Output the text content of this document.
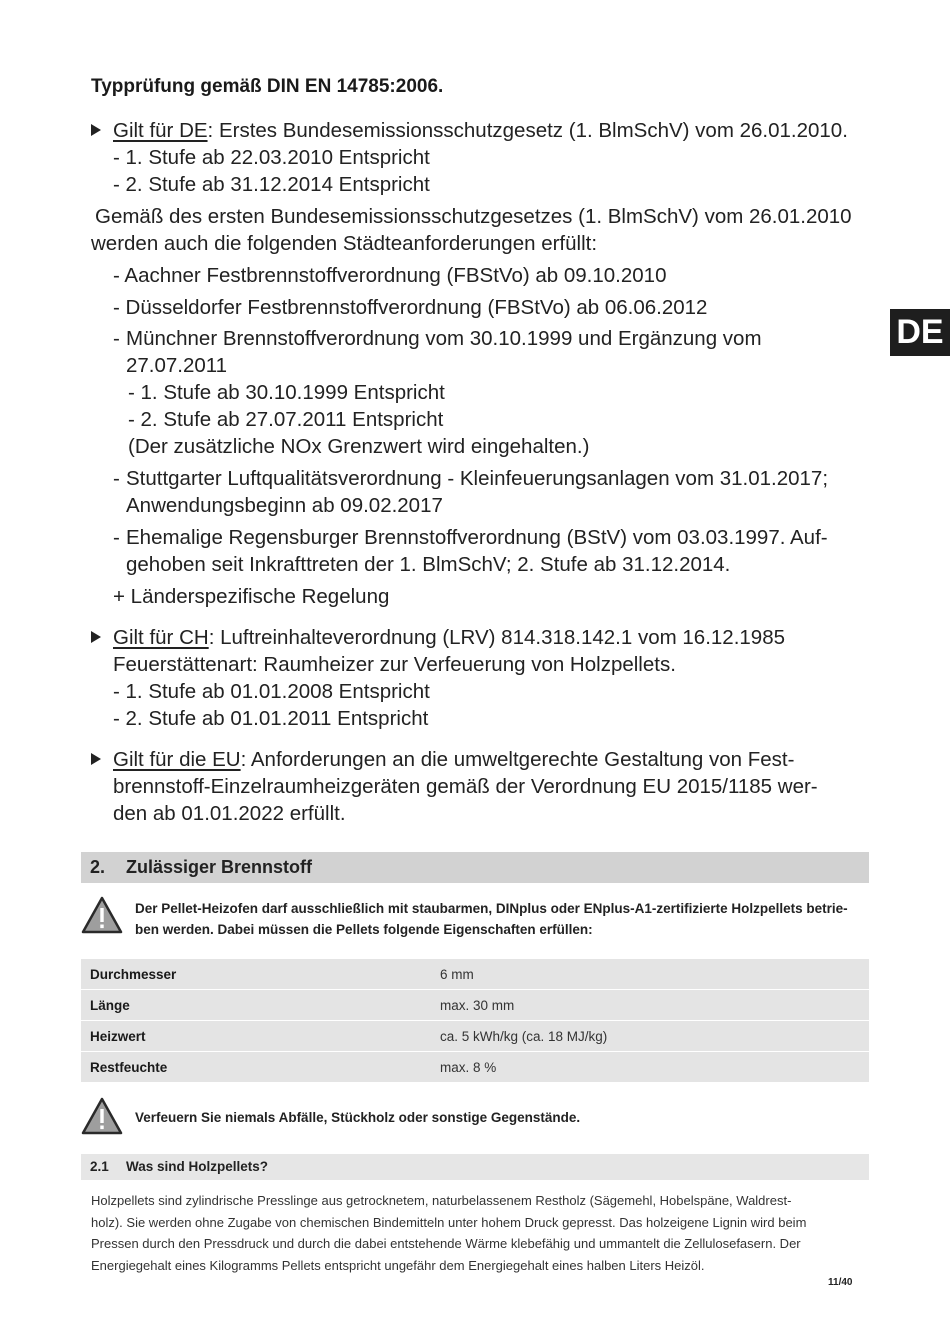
Typprüfung gemäß DIN EN 14785:2006.
DE
Gilt für DE: Erstes Bundesemissionsschutzgesetz (1. BlmSchV) vom 26.01.2010.
- 1. Stufe ab 22.03.2010 Entspricht
- 2. Stufe ab 31.12.2014 Entspricht
Gemäß des ersten Bundesemissionsschutzgesetzes (1. BlmSchV) vom 26.01.2010
werden auch die folgenden Städteanforderungen erfüllt:
- Aachner Festbrennstoffverordnung (FBStVo) ab 09.10.2010
- Düsseldorfer Festbrennstoffverordnung (FBStVo) ab 06.06.2012
- Münchner Brennstoffverordnung vom 30.10.1999 und Ergänzung vom
27.07.2011
- 1. Stufe ab 30.10.1999 Entspricht
- 2. Stufe ab 27.07.2011 Entspricht
(Der zusätzliche NOx Grenzwert wird eingehalten.)
- Stuttgarter Luftqualitätsverordnung - Kleinfeuerungsanlagen vom 31.01.2017;
Anwendungsbeginn ab 09.02.2017
- Ehemalige Regensburger Brennstoffverordnung (BStV) vom 03.03.1997. Auf-
gehoben seit Inkrafttreten der 1. BlmSchV; 2. Stufe ab 31.12.2014.
+ Länderspezifische Regelung
Gilt für CH: Luftreinhalteverordnung (LRV) 814.318.142.1 vom 16.12.1985
Feuerstättenart: Raumheizer zur Verfeuerung von Holzpellets.
- 1. Stufe ab 01.01.2008 Entspricht
- 2. Stufe ab 01.01.2011 Entspricht
Gilt für die EU: Anforderungen an die umweltgerechte Gestaltung von Fest-
brennstoff-Einzelraumheizgeräten gemäß der Verordnung EU 2015/1185 wer-
den ab 01.01.2022 erfüllt.
2. Zulässiger Brennstoff
Der Pellet-Heizofen darf ausschließlich mit staubarmen, DINplus oder ENplus-A1-zertifizierte Holzpellets betrie-
ben werden. Dabei müssen die Pellets folgende Eigenschaften erfüllen:
Durchmesser	6 mm
Länge	max. 30 mm
Heizwert	ca. 5 kWh/kg (ca. 18 MJ/kg)
Restfeuchte	max. 8 %
Verfeuern Sie niemals Abfälle, Stückholz oder sonstige Gegenstände.
2.1 Was sind Holzpellets?
Holzpellets sind zylindrische Presslinge aus getrocknetem, naturbelassenem Restholz (Sägemehl, Hobelspäne, Waldrest-
holz). Sie werden ohne Zugabe von chemischen Bindemitteln unter hohem Druck gepresst. Das holzeigene Lignin wird beim
Pressen durch den Pressdruck und durch die dabei entstehende Wärme klebefähig und ummantelt die Zellulosefasern. Der
Energiegehalt eines Kilogramms Pellets entspricht ungefähr dem Energiegehalt eines halben Liters Heizöl.
11/40
